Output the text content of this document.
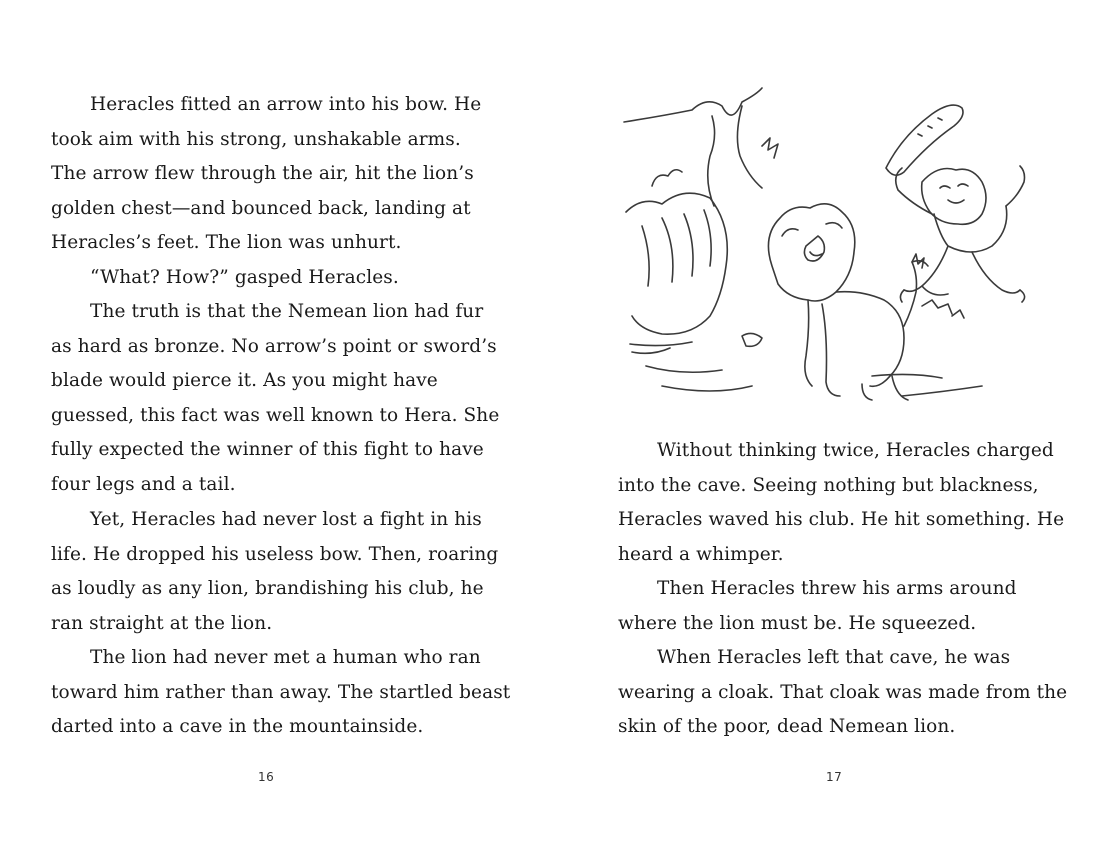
Heracles fitted an arrow into his bow. He
took aim with his strong, unshakable arms.
The arrow flew through the air, hit the lion’s
golden chest—and bounced back, landing at
Heracles’s feet. The lion was unhurt.

“What? How?” gasped Heracles.

The truth is that the Nemean lion had fur
as hard as bronze. No arrow’s point or sword’s
blade would pierce it. As you might have
guessed, this fact was well known to Hera. She
fully expected the winner of this fight to have
four legs and a tail.

Yet, Heracles had never lost a fight in his
life. He dropped his useless bow. Then, roaring
as loudly as any lion, brandishing his club, he
ran straight at the lion.

The lion had never met a human who ran
toward him rather than away. The startled beast
darted into a cave in the mountainside.

16

Without thinking twice, Heracles charged
into the cave. Seeing nothing but blackness,
Heracles waved his club. He hit something. He
heard a whimper.

Then Heracles threw his arms around
where the lion must be. He squeezed.

When Heracles left that cave, he was
wearing a cloak. That cloak was made from the
skin of the poor, dead Nemean lion.

17
